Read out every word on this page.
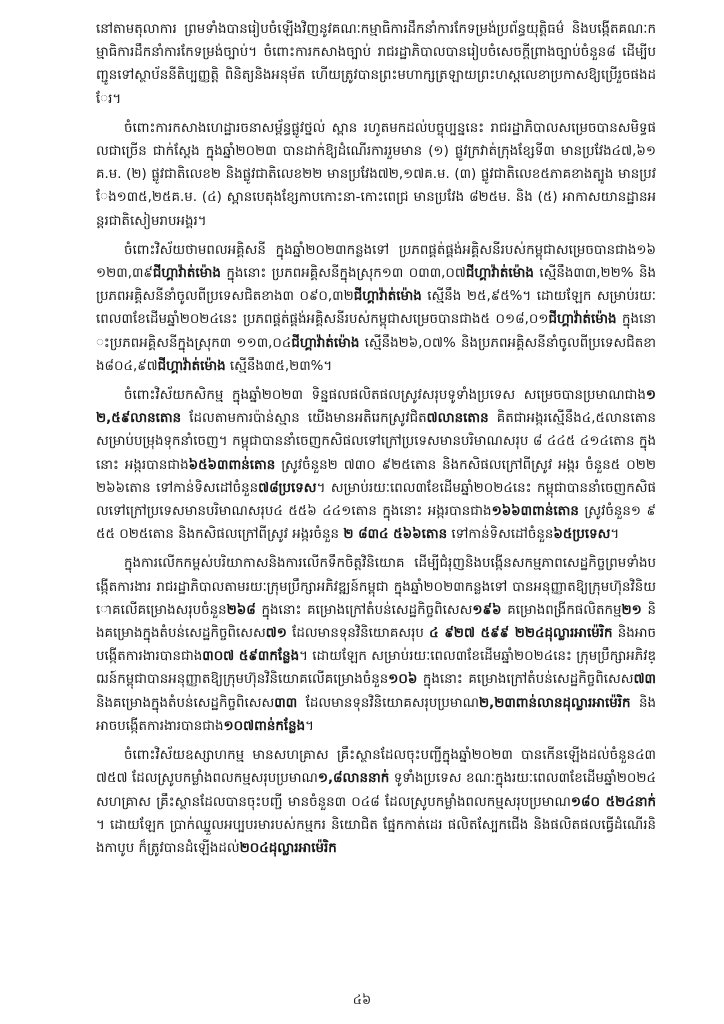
នៅតាមតុលាការ ព្រមទាំងបានរៀបចំឡើងវិញនូវគណៈកម្មាធិការដឹកនាំការកែទម្រង់ប្រព័ន្ធយុត្តិធម៌ និងបង្កើតគណៈកម្មាធិការដឹកនាំការកែទម្រង់ច្បាប់។ ចំពោះការកសាងច្បាប់ រាជរដ្ឋាភិបាលបានរៀបចំសេចក្តីព្រាងច្បាប់ចំនួន៨ ដើម្បីបញ្ជូនទៅស្ថាប័ននីតិប្បញ្ញត្តិ ពិនិត្យនិងអនុម័ត ហើយត្រូវបានព្រះមហាក្សត្រឡាយព្រះហស្តលេខាប្រកាសឱ្យប្រើរួចផងដែរ។

ចំពោះការកសាងហេដ្ឋារចនាសម្ព័ន្ធផ្លូវថ្នល់ ស្ពាន រហូតមកដល់បច្ចុប្បន្ននេះ រាជរដ្ឋាភិបាលសម្រេចបានសមិទ្ធផលជាច្រើន ជាក់ស្តែង ក្នុងឆ្នាំ២០២៣ បានដាក់ឱ្យដំណើរការរួមមាន (១) ផ្លូវក្រវាត់ក្រុងខ្សែទី៣ មានប្រវែង៤៧,៦១គ.ម. (២) ផ្លូវជាតិលេខ២ និងផ្លូវជាតិលេខ២២ មានប្រវែង៧២,១៧គ.ម. (៣) ផ្លូវជាតិលេខ៥ភាគខាងត្បូង មានប្រវែង១៣៥,២៥គ.ម. (៤) ស្ពានបេតុងខ្សែកាបកោះនា-កោះពេជ្រ មានប្រវែង ៨២៥ម. និង (៥) អាកាសយានដ្ឋានអន្តរជាតិសៀមរាបអង្គរ។

ចំពោះវិស័យថាមពលអគ្គិសនី ក្នុងឆ្នាំ២០២៣កន្លងទៅ ប្រភពផ្គត់ផ្គង់អគ្គិសនីរបស់កម្ពុជាសម្រេចបានជាង១៦ ១២៣,៣៩ជីហ្គាវ៉ាត់ម៉ោង ក្នុងនោះ ប្រភពអគ្គិសនីក្នុងស្រុក១៣ ០៣៣,០៧ជីហ្គាវ៉ាត់ម៉ោង ស្មើនឹង៣៣,២២% និងប្រភពអគ្គិសនីនាំចូលពីប្រទេសជិតខាង៣ ០៩០,៣២ជីហ្គាវ៉ាត់ម៉ោង ស្មើនឹង ២៥,៩៥%។ ដោយឡែក សម្រាប់រយៈពេល៣ខែដើមឆ្នាំ២០២៤នេះ ប្រភពផ្គត់ផ្គង់អគ្គិសនីរបស់កម្ពុជាសម្រេចបានជាង៥ ០១៨,០១ជីហ្គាវ៉ាត់ម៉ោង ក្នុងនោះប្រភពអគ្គិសនីក្នុងស្រុក៣ ១១៣,០៤ជីហ្គាវ៉ាត់ម៉ោង ស្មើនឹង២៦,០៧% និងប្រភពអគ្គិសនីនាំចូលពីប្រទេសជិតខាង៨០៤,៩៧ជីហ្គាវ៉ាត់ម៉ោង ស្មើនឹង៣៥,២៣%។

ចំពោះវិស័យកសិកម្ម ក្នុងឆ្នាំ២០២៣ ទិន្នផលផលិតផលស្រូវសរុបទូទាំងប្រទេស សម្រេចបានប្រមាណជាង១២,៥៩លានតោន ដែលតាមការប៉ាន់ស្មាន យើងមានអតិរេកស្រូវជិត៧លានតោន គិតជាអង្ករស្មើនឹង៤,៥លានតោន សម្រាប់បម្រុងទុកនាំចេញ។ កម្ពុជាបាននាំចេញកសិផលទៅក្រៅប្រទេសមានបរិមាណសរុប ៨ ៤៤៥ ៤១៤តោន ក្នុងនោះ អង្ករបានជាង៦៥៦៣ពាន់តោន ស្រូវចំនួន២ ៧៣០ ៩២៥តោន និងកសិផលក្រៅពីស្រូវ អង្ករ ចំនួន៥ ០២២ ២៦៦តោន ទៅកាន់ទិសដៅចំនួន៧៨ប្រទេស។ សម្រាប់រយៈពេល៣ខែដើមឆ្នាំ២០២៤នេះ កម្ពុជាបាននាំចេញកសិផលទៅក្រៅប្រទេសមានបរិមាណសរុប៤ ៥៥៦ ៤៤១តោន ក្នុងនោះ អង្ករបានជាង១៦៦៣ពាន់តោន ស្រូវចំនួន១ ៩៥៥ ០២៥តោន និងកសិផលក្រៅពីស្រូវ អង្ករចំនួន ២ ៨៣៤ ៥៦៦តោន ទៅកាន់ទិសដៅចំនួន៦៥ប្រទេស។

ក្នុងការលើកកម្ពស់បរិយាកាសនិងការលើកទឹកចិត្តវិនិយោគ ដើម្បីជំរុញនិងបង្កើនសកម្មភាពសេដ្ឋកិច្ចព្រមទាំងបង្កើតការងារ រាជរដ្ឋាភិបាលតាមរយៈក្រុមប្រឹក្សាអភិវឌ្ឍន៍កម្ពុជា ក្នុងឆ្នាំ២០២៣កន្លងទៅ បានអនុញ្ញាតឱ្យក្រុមហ៊ុនវិនិយោគលើគម្រោងសរុបចំនួន២៦៨ ក្នុងនោះ គម្រោងក្រៅតំបន់សេដ្ឋកិច្ចពិសេស១៩៦ គម្រោងពង្រីកផលិតកម្ម២១ និងគម្រោងក្នុងតំបន់សេដ្ឋកិច្ចពិសេស៧១ ដែលមានទុនវិនិយោគសរុប ៤ ៩២៧ ៥៩៩ ២២៤ដុល្លារអាម៉េរិក និងអាចបង្កើតការងារបានជាង៣០៧ ៥៩៣កន្លែង។ ដោយឡែក សម្រាប់រយៈពេល៣ខែដើមឆ្នាំ២០២៤នេះ ក្រុមប្រឹក្សាអភិវឌ្ឍន៍កម្ពុជាបានអនុញ្ញាតឱ្យក្រុមហ៊ុនវិនិយោគលើគម្រោងចំនួន១០៦ ក្នុងនោះ គម្រោងក្រៅតំបន់សេដ្ឋកិច្ចពិសេស៧៣ និងគម្រោងក្នុងតំបន់សេដ្ឋកិច្ចពិសេស៣៣ ដែលមានទុនវិនិយោគសរុបប្រមាណ២,២៣ពាន់លានដុល្លារអាម៉េរិក និងអាចបង្កើតការងារបានជាង១០៧ពាន់កន្លែង។

ចំពោះវិស័យឧស្សាហកម្ម មានសហគ្រាស គ្រឹះស្ថានដែលចុះបញ្ជីក្នុងឆ្នាំ២០២៣ បានកើនឡើងដល់ចំនួន៤៣ ៧៥៧ ដែលស្រូបកម្លាំងពលកម្មសរុបប្រមាណ១,៨លាននាក់ ទូទាំងប្រទេស ខណៈក្នុងរយៈពេល៣ខែដើមឆ្នាំ២០២៤ សហគ្រាស គ្រឹះស្ថានដែលបានចុះបញ្ជី មានចំនួន៣ ០៤៨ ដែលស្រូបកម្លាំងពលកម្មសរុបប្រមាណ១៨០ ៥២៤នាក់។ ដោយឡែក ប្រាក់ឈ្នួលអប្បបរមារបស់កម្មករ និយោជិត ផ្នែកកាត់ដេរ ផលិតស្បែកជើង និងផលិតផលធ្វើដំណើរនិងកាបូប ក៏ត្រូវបានដំឡើងដល់២០៤ដុល្លារអាម៉េរិក

៤៦
